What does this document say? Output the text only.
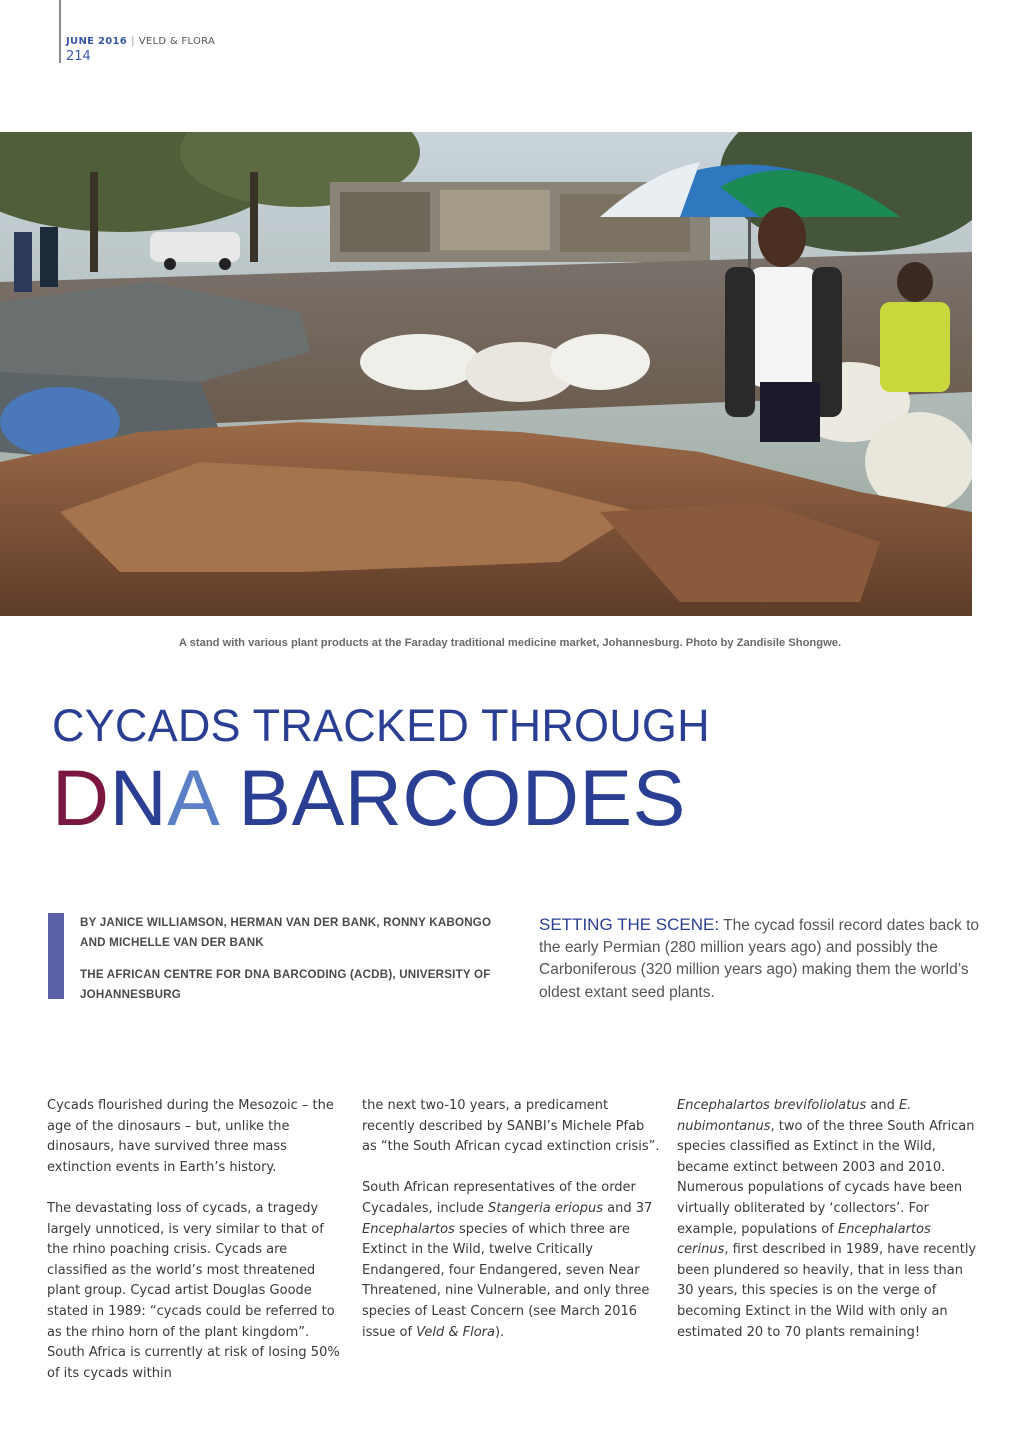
JUNE 2016 | VELD & FLORA
214
A stand with various plant products at the Faraday traditional medicine market, Johannesburg. Photo by Zandisile Shongwe.
CYCADS TRACKED THROUGH
DNA BARCODES

BY JANICE WILLIAMSON, HERMAN VAN DER BANK, RONNY KABONGO AND MICHELLE VAN DER BANK

THE AFRICAN CENTRE FOR DNA BARCODING (ACDB), UNIVERSITY OF JOHANNESBURG

SETTING THE SCENE: The cycad fossil record dates back to the early Permian (280 million years ago) and possibly the Carboniferous (320 million years ago) making them the world’s oldest extant seed plants.

Cycads flourished during the Mesozoic – the age of the dinosaurs – but, unlike the dinosaurs, have survived three mass extinction events in Earth’s history.

The devastating loss of cycads, a tragedy largely unnoticed, is very similar to that of the rhino poaching crisis. Cycads are classified as the world’s most threatened plant group. Cycad artist Douglas Goode stated in 1989: “cycads could be referred to as the rhino horn of the plant kingdom”. South Africa is currently at risk of losing 50% of its cycads within

the next two-10 years, a predicament recently described by SANBI’s Michele Pfab as “the South African cycad extinction crisis”.

South African representatives of the order Cycadales, include Stangeria eriopus and 37 Encephalartos species of which three are Extinct in the Wild, twelve Critically Endangered, four Endangered, seven Near Threatened, nine Vulnerable, and only three species of Least Concern (see March 2016 issue of Veld & Flora).

Encephalartos brevifoliolatus and E. nubimontanus, two of the three South African species classified as Extinct in the Wild, became extinct between 2003 and 2010. Numerous populations of cycads have been virtually obliterated by ‘collectors’. For example, populations of Encephalartos cerinus, first described in 1989, have recently been plundered so heavily, that in less than 30 years, this species is on the verge of becoming Extinct in the Wild with only an estimated 20 to 70 plants remaining!
